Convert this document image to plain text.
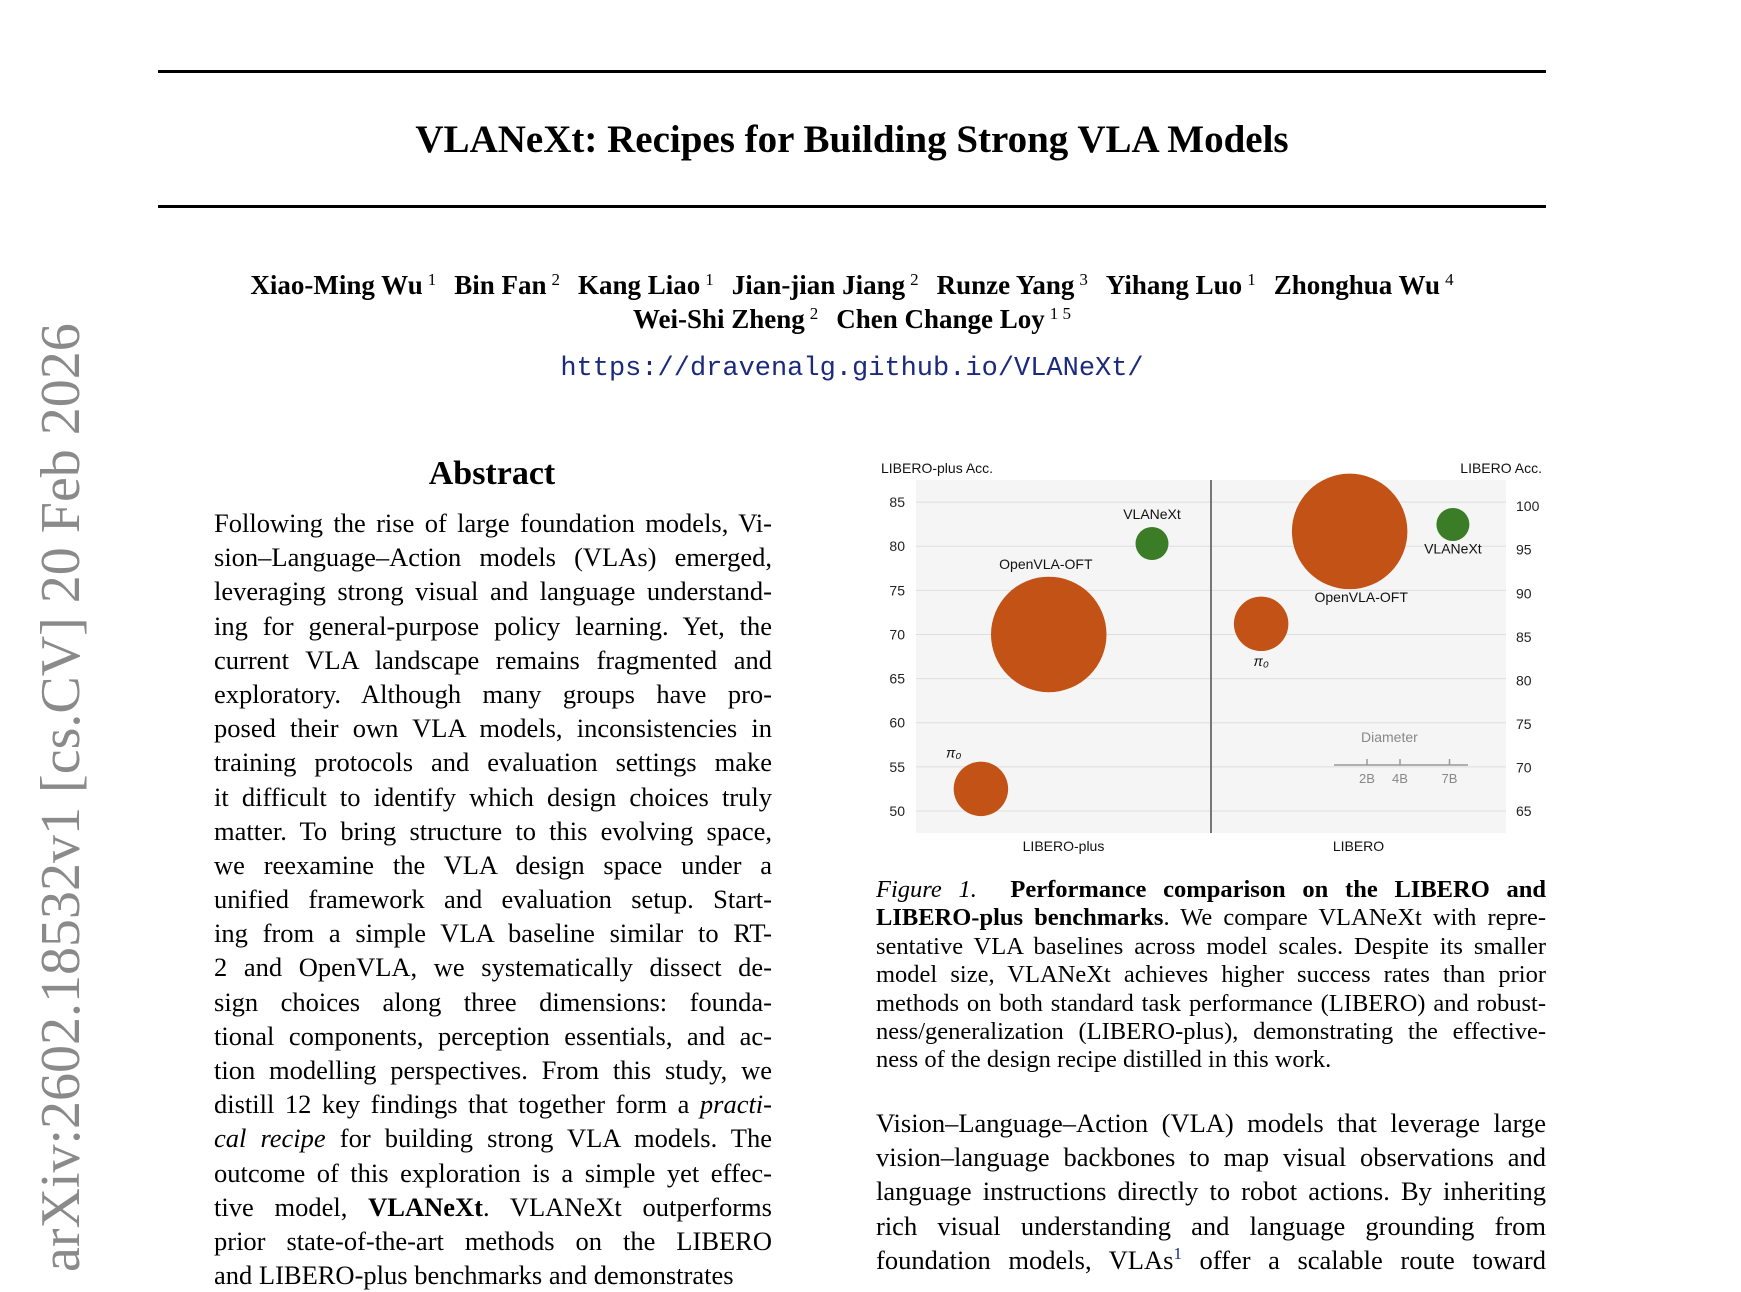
VLANeXt: Recipes for Building Strong VLA Models
Xiao-Ming Wu $^1$ Bin Fan $^2$ Kang Liao $^1$ Jian-jian Jiang $^2$ Runze Yang $^3$ Yihang Luo $^1$ Zhonghua Wu $^4$
Wei-Shi Zheng $^2$ Chen Change Loy $^{1 5}$
https://dravenalg.github.io/VLANeXt/
arXiv:2602.18532v1 [cs.CV] 20 Feb 2026	Abstract
Following the rise of large foundation models, Vi-
sion–Language–Action models (VLAs) emerged,
leveraging strong visual and language understand-
ing for general-purpose policy learning. Yet, the
current VLA landscape remains fragmented and
exploratory. Although many groups have pro-
posed their own VLA models, inconsistencies in
training protocols and evaluation settings make
it difficult to identify which design choices truly
matter. To bring structure to this evolving space,
we reexamine the VLA design space under a
unified framework and evaluation setup. Start-
ing from a simple VLA baseline similar to RT-
2 and OpenVLA, we systematically dissect de-
sign choices along three dimensions: founda-
tional components, perception essentials, and ac-
tion modelling perspectives. From this study, we
distill 12 key findings that together form a practi-
cal recipe for building strong VLA models. The
outcome of this exploration is a simple yet effec-
tive model, VLANeXt. VLANeXt outperforms
prior state-of-the-art methods on the LIBERO
and LIBERO-plus benchmarks and demonstrates
50
55
60
65
70
75
80
85
65
70
75
80
85
90
95
100
LIBERO-plus Acc.	LIBERO Acc.
LIBERO-plus	LIBERO
π₀
OpenVLA-OFT
VLANeXt
π₀
OpenVLA-OFT
VLANeXt
Diameter
2B 4B	7B
Figure 1. Performance comparison on the LIBERO and
LIBERO-plus benchmarks. We compare VLANeXt with repre-
sentative VLA baselines across model scales. Despite its smaller
model size, VLANeXt achieves higher success rates than prior
methods on both standard task performance (LIBERO) and robust-
ness/generalization (LIBERO-plus), demonstrating the effective-
ness of the design recipe distilled in this work.
Vision–Language–Action (VLA) models that leverage large
vision–language backbones to map visual observations and
language instructions directly to robot actions. By inheriting
rich visual understanding and language grounding from
foundation models, VLAs$^1$ offer a scalable route toward
